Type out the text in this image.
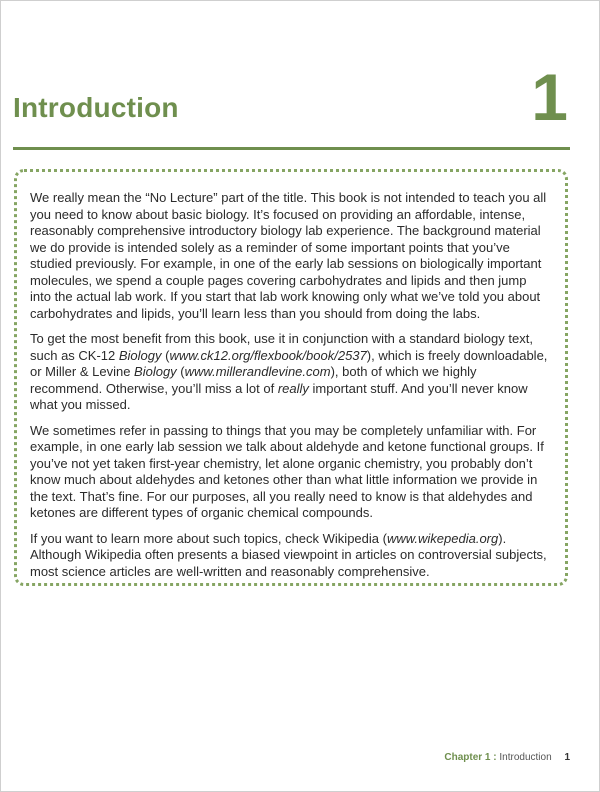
Introduction	1

We really mean the “No Lecture” part of the title. This book is not intended to teach you all you need to know about basic biology. It’s focused on providing an affordable, intense, reasonably comprehensive introductory biology lab experience. The background material we do provide is intended solely as a reminder of some important points that you’ve studied previously. For example, in one of the early lab sessions on biologically important molecules, we spend a couple pages covering carbohydrates and lipids and then jump into the actual lab work. If you start that lab work knowing only what we’ve told you about carbohydrates and lipids, you’ll learn less than you should from doing the labs.

To get the most benefit from this book, use it in conjunction with a standard biology text, such as CK-12 Biology (www.ck12.org/flexbook/book/2537), which is freely downloadable, or Miller & Levine Biology (www.millerandlevine.com), both of which we highly recommend. Otherwise, you’ll miss a lot of really important stuff. And you’ll never know what you missed.

We sometimes refer in passing to things that you may be completely unfamiliar with. For example, in one early lab session we talk about aldehyde and ketone functional groups. If you’ve not yet taken first-year chemistry, let alone organic chemistry, you probably don’t know much about aldehydes and ketones other than what little information we provide in the text. That’s fine. For our purposes, all you really need to know is that aldehydes and ketones are different types of organic chemical compounds.

If you want to learn more about such topics, check Wikipedia (www.wikepedia.org). Although Wikipedia often presents a biased viewpoint in articles on controversial subjects, most science articles are well-written and reasonably comprehensive.

Chapter 1 : Introduction 1
